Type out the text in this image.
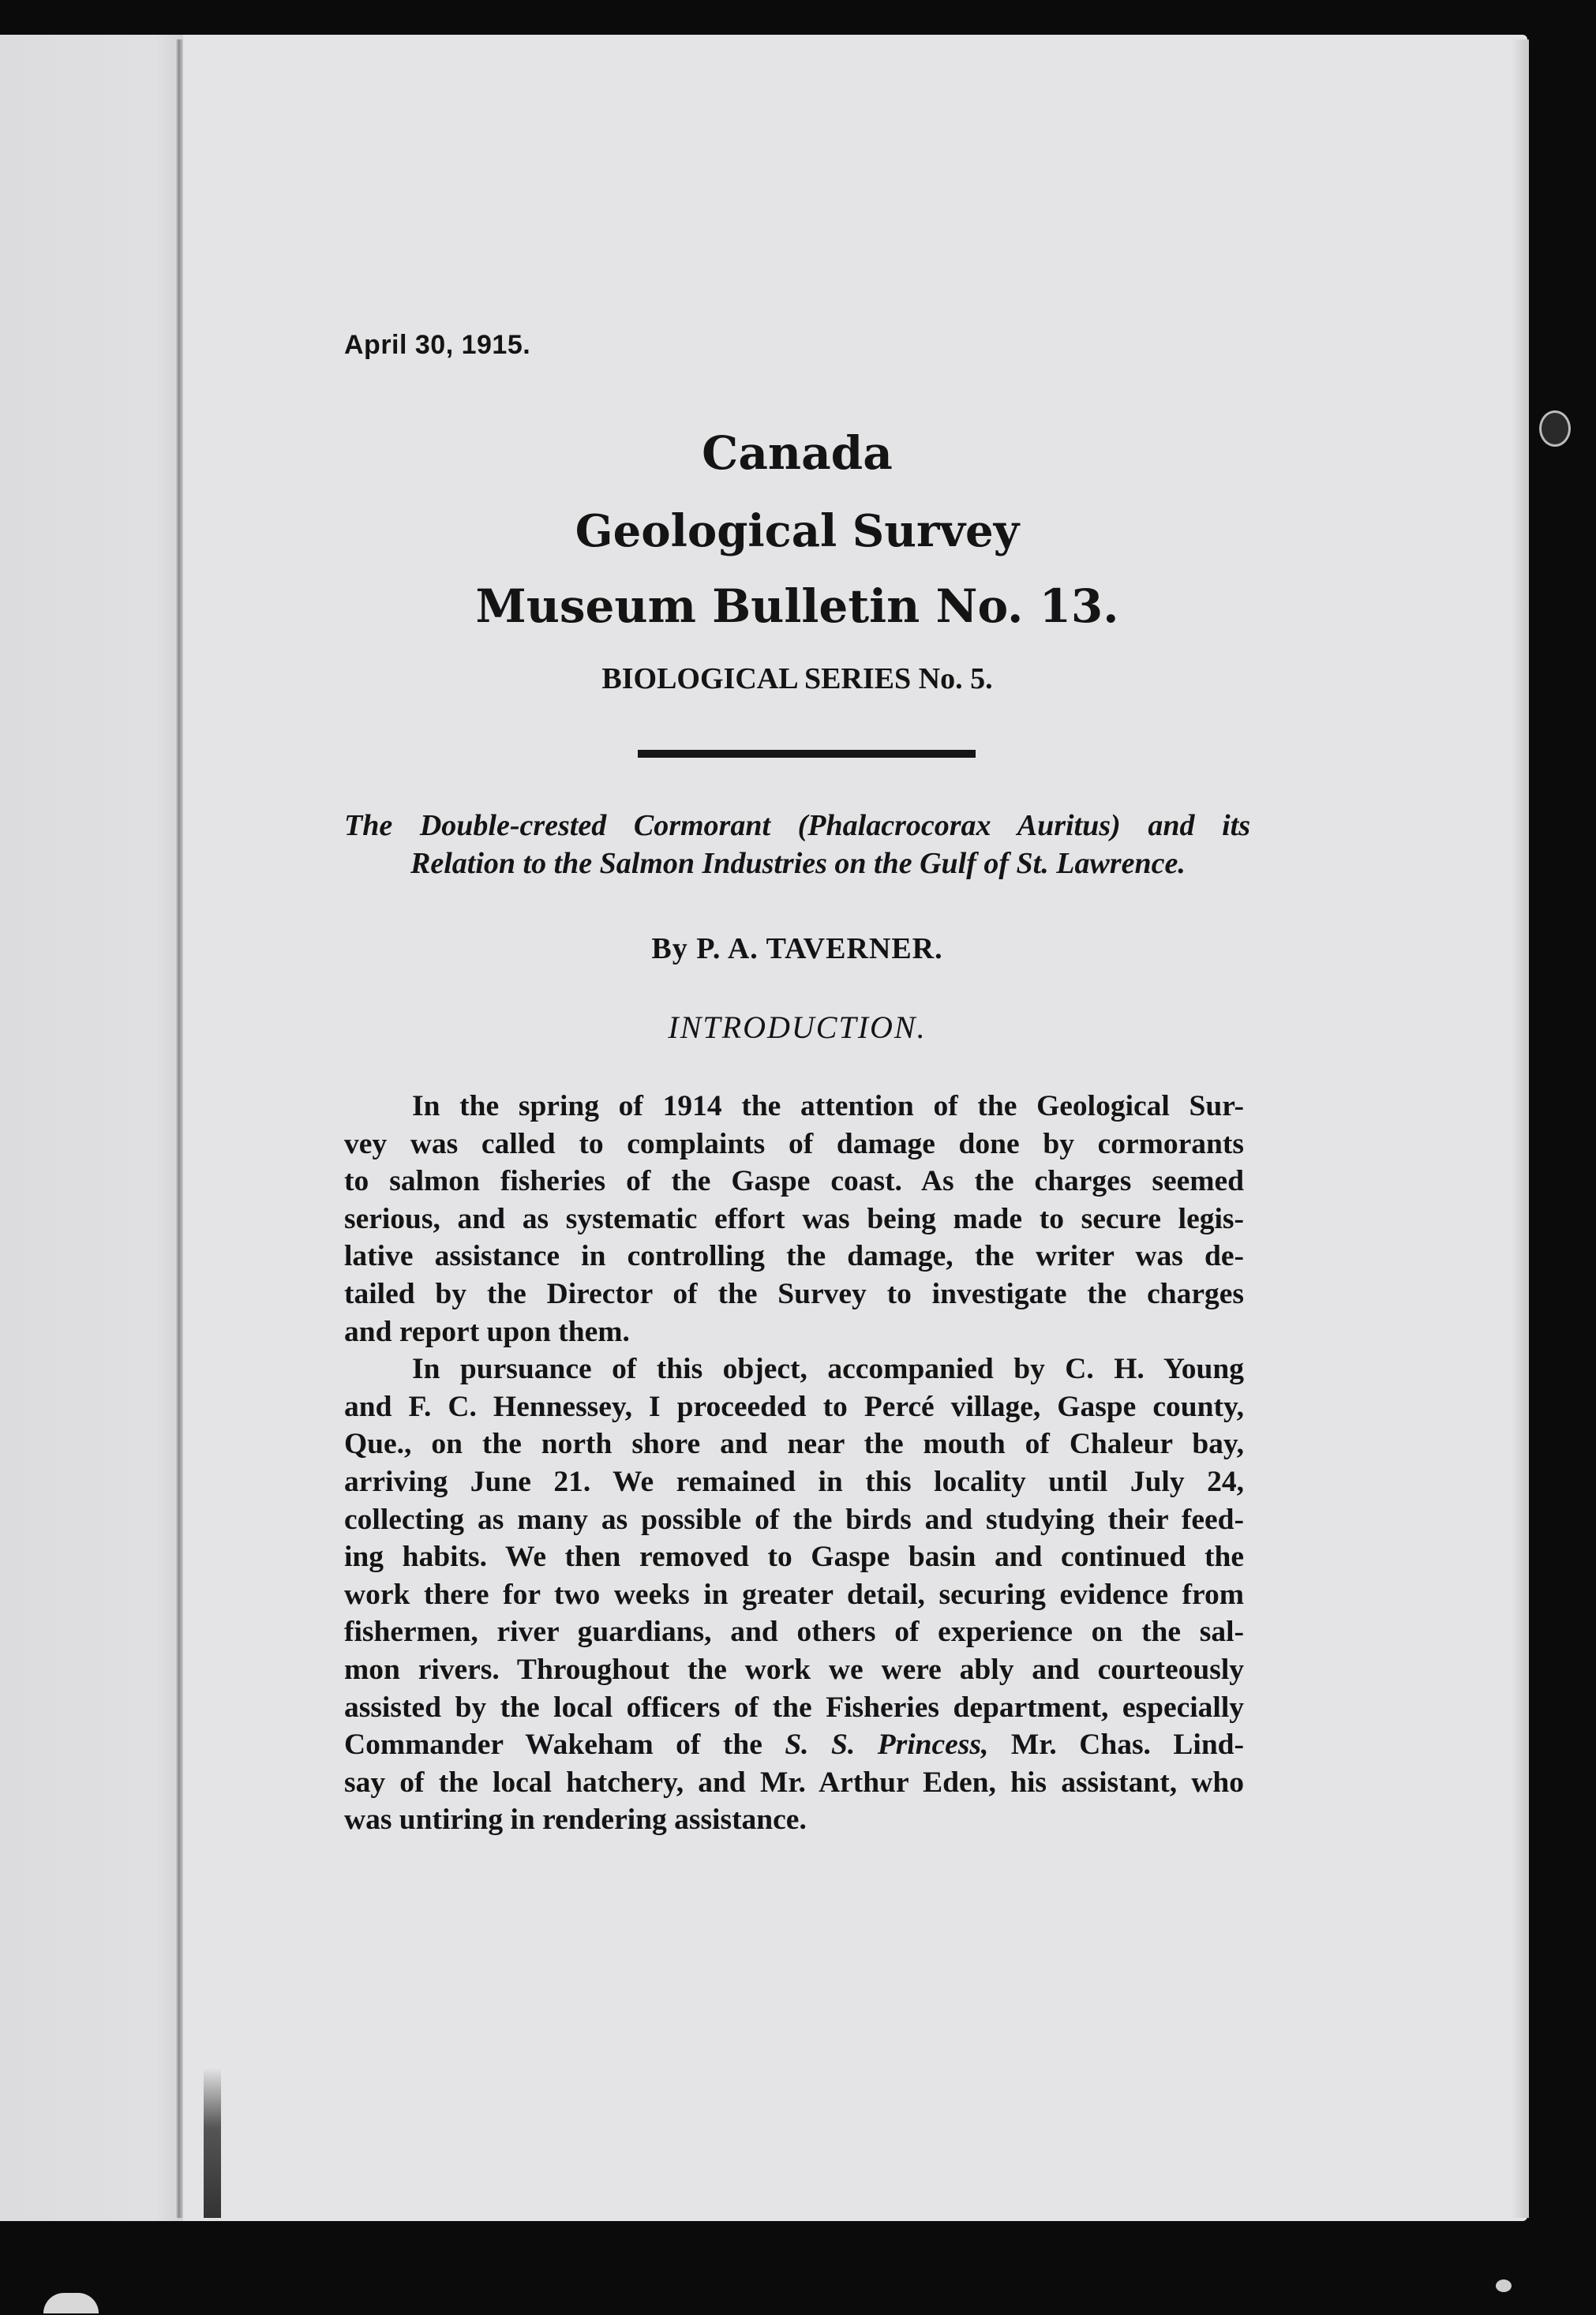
April 30, 1915.
Canada
Geological Survey
Museum Bulletin No. 13.
BIOLOGICAL SERIES No. 5.
The Double-crested Cormorant (Phalacrocorax Auritus) and its
Relation to the Salmon Industries on the Gulf of St. Lawrence.
By P. A. TAVERNER.
INTRODUCTION.
In the spring of 1914 the attention of the Geological Sur-
vey was called to complaints of damage done by cormorants
to salmon fisheries of the Gaspe coast. As the charges seemed
serious, and as systematic effort was being made to secure legis-
lative assistance in controlling the damage, the writer was de-
tailed by the Director of the Survey to investigate the charges
and report upon them.
In pursuance of this object, accompanied by C. H. Young
and F. C. Hennessey, I proceeded to Percé village, Gaspe county,
Que., on the north shore and near the mouth of Chaleur bay,
arriving June 21. We remained in this locality until July 24,
collecting as many as possible of the birds and studying their feed-
ing habits. We then removed to Gaspe basin and continued the
work there for two weeks in greater detail, securing evidence from
fishermen, river guardians, and others of experience on the sal-
mon rivers. Throughout the work we were ably and courteously
assisted by the local officers of the Fisheries department, especially
Commander Wakeham of the S. S. Princess, Mr. Chas. Lind-
say of the local hatchery, and Mr. Arthur Eden, his assistant, who
was untiring in rendering assistance.
